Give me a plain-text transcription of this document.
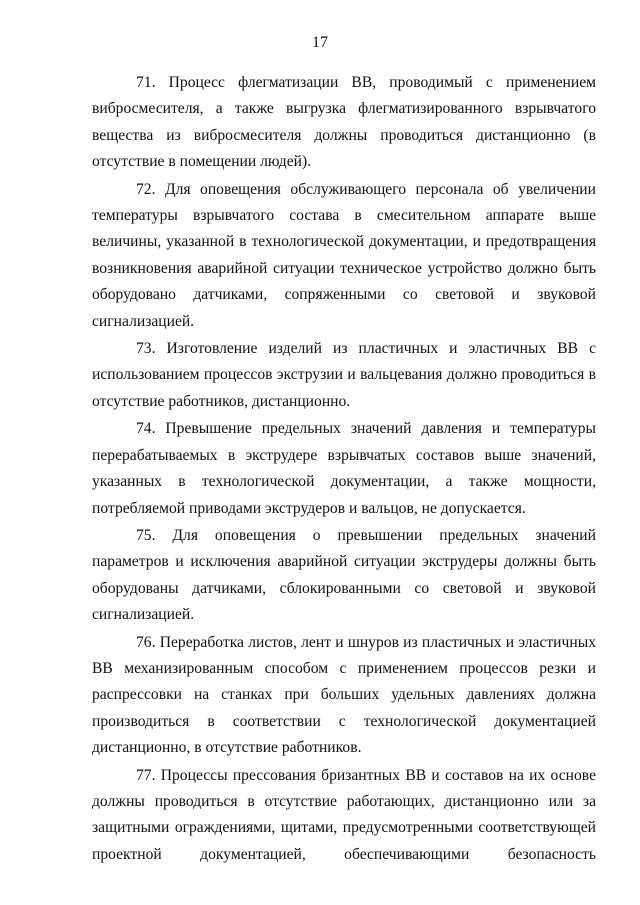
17

71. Процесс флегматизации ВВ, проводимый с применением вибросмесителя, а также выгрузка флегматизированного взрывчатого вещества из вибросмесителя должны проводиться дистанционно (в отсутствие в помещении людей).

72. Для оповещения обслуживающего персонала об увеличении температуры взрывчатого состава в смесительном аппарате выше величины, указанной в технологической документации, и предотвращения возникновения аварийной ситуации техническое устройство должно быть оборудовано датчиками, сопряженными со световой и звуковой сигнализацией.

73. Изготовление изделий из пластичных и эластичных ВВ с использованием процессов экструзии и вальцевания должно проводиться в отсутствие работников, дистанционно.

74. Превышение предельных значений давления и температуры перерабатываемых в экструдере взрывчатых составов выше значений, указанных в технологической документации, а также мощности, потребляемой приводами экструдеров и вальцов, не допускается.

75. Для оповещения о превышении предельных значений параметров и исключения аварийной ситуации экструдеры должны быть оборудованы датчиками, сблокированными со световой и звуковой сигнализацией.

76. Переработка листов, лент и шнуров из пластичных и эластичных ВВ механизированным способом с применением процессов резки и распрессовки на станках при больших удельных давлениях должна производиться в соответствии с технологической документацией дистанционно, в отсутствие работников.

77. Процессы прессования бризантных ВВ и составов на их основе должны проводиться в отсутствие работающих, дистанционно или за защитными ограждениями, щитами, предусмотренными соответствующей проектной документацией, обеспечивающими безопасность
